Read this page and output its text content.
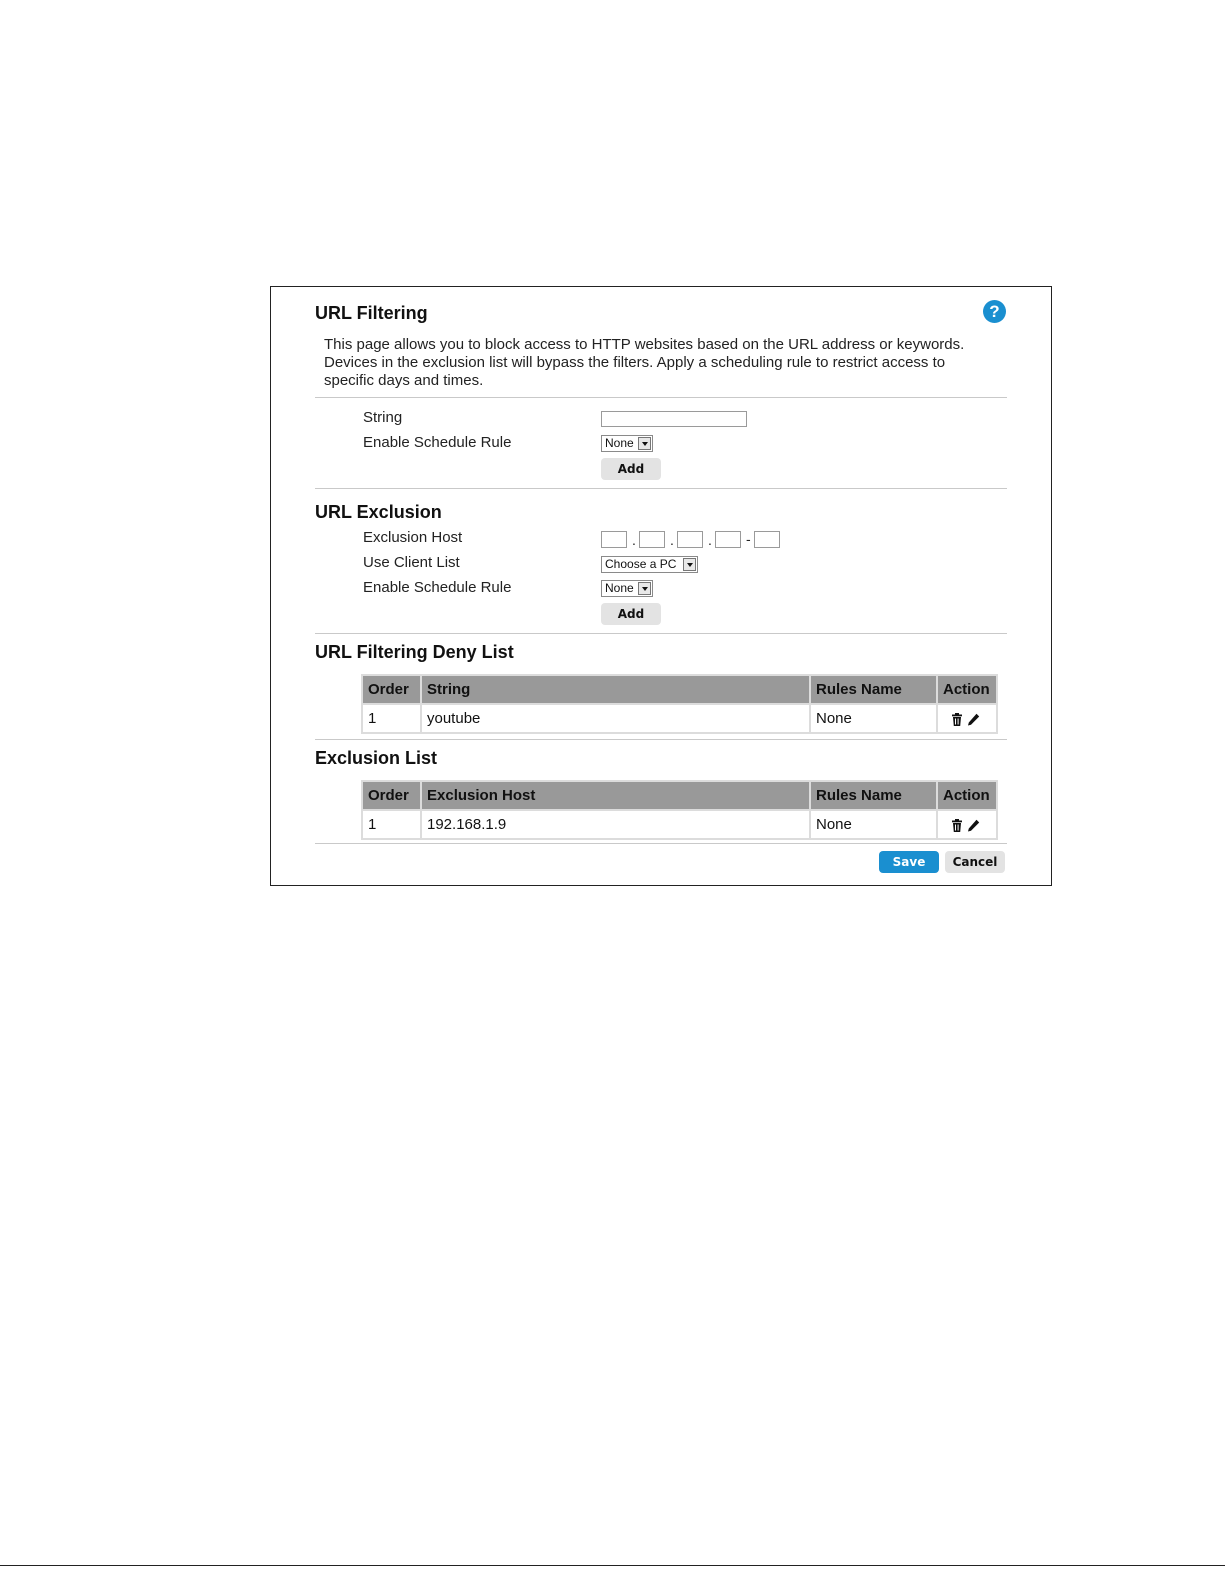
URL Filtering	?
This page allows you to block access to HTTP websites based on the URL address or keywords. Devices in the exclusion list will bypass the filters. Apply a scheduling rule to restrict access to specific days and times.
String
Enable Schedule Rule	None
Add
URL Exclusion
Exclusion Host	. . . -
Use Client List	Choose a PC
Enable Schedule Rule	None
Add
URL Filtering Deny List
Order	String	Rules Name	Action
1	youtube	None	
Exclusion List
Order	Exclusion Host	Rules Name	Action
1	192.168.1.9	None	
Save	Cancel
